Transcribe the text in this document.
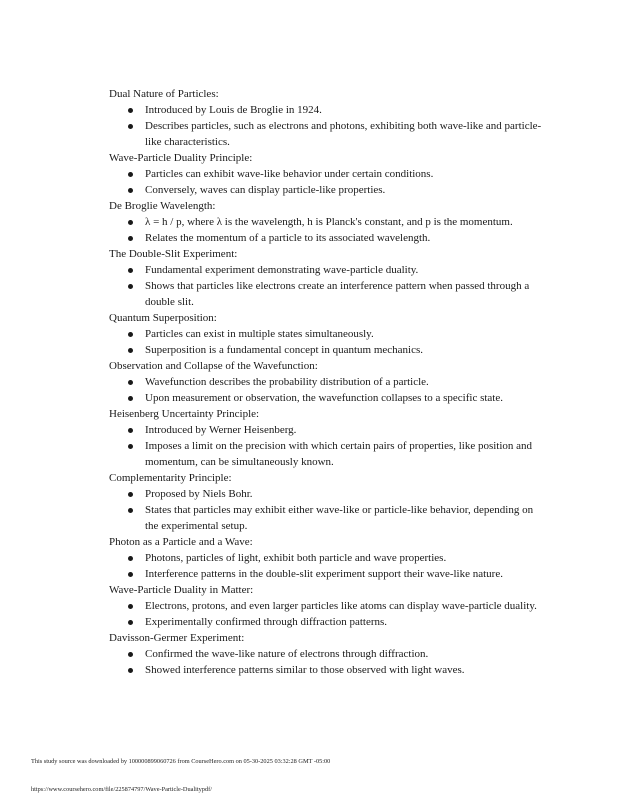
Dual Nature of Particles:

Introduced by Louis de Broglie in 1924.
Describes particles, such as electrons and photons, exhibiting both wave-like and particle-like characteristics.

Wave-Particle Duality Principle:

Particles can exhibit wave-like behavior under certain conditions.
Conversely, waves can display particle-like properties.

De Broglie Wavelength:

λ = h / p, where λ is the wavelength, h is Planck's constant, and p is the momentum.
Relates the momentum of a particle to its associated wavelength.

The Double-Slit Experiment:

Fundamental experiment demonstrating wave-particle duality.
Shows that particles like electrons create an interference pattern when passed through a double slit.

Quantum Superposition:

Particles can exist in multiple states simultaneously.
Superposition is a fundamental concept in quantum mechanics.

Observation and Collapse of the Wavefunction:

Wavefunction describes the probability distribution of a particle.
Upon measurement or observation, the wavefunction collapses to a specific state.

Heisenberg Uncertainty Principle:

Introduced by Werner Heisenberg.
Imposes a limit on the precision with which certain pairs of properties, like position and momentum, can be simultaneously known.

Complementarity Principle:

Proposed by Niels Bohr.
States that particles may exhibit either wave-like or particle-like behavior, depending on the experimental setup.

Photon as a Particle and a Wave:

Photons, particles of light, exhibit both particle and wave properties.
Interference patterns in the double-slit experiment support their wave-like nature.

Wave-Particle Duality in Matter:

Electrons, protons, and even larger particles like atoms can display wave-particle duality.
Experimentally confirmed through diffraction patterns.

Davisson-Germer Experiment:

Confirmed the wave-like nature of electrons through diffraction.
Showed interference patterns similar to those observed with light waves.
This study source was downloaded by 100000899060726 from CourseHero.com on 05-30-2025 03:32:28 GMT -05:00
https://www.coursehero.com/file/225874797/Wave-Particle-Dualitypdf/
